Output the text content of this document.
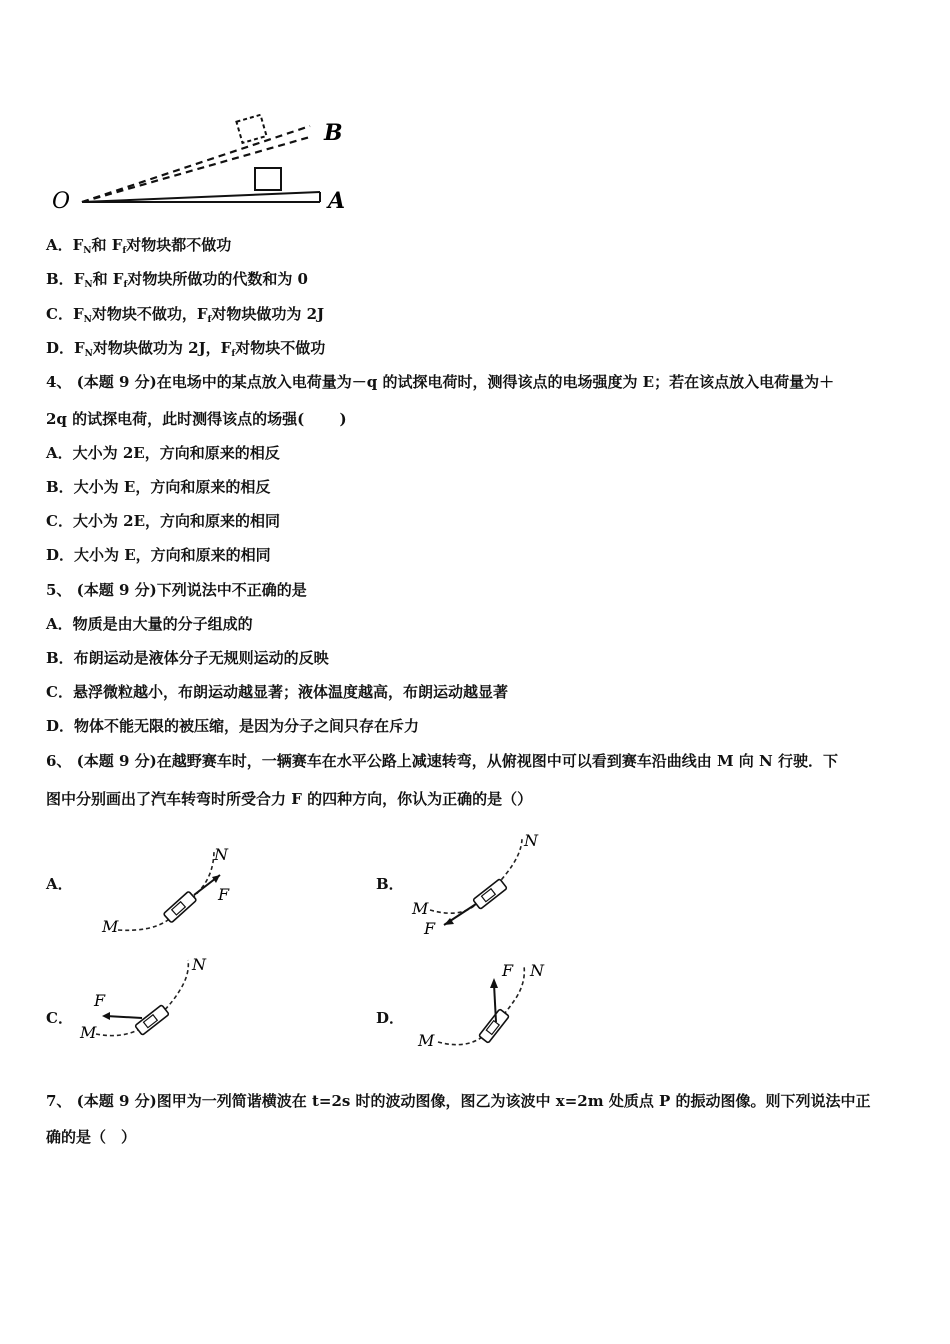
O	A
B
A．$F_N$和 $F_f$对物块都不做功
B．$F_N$和 $F_f$对物块所做功的代数和为 0
C．$F_N$对物块不做功，$F_f$对物块做功为 2J
D．$F_N$对物块做功为 2J，$F_f$对物块不做功
4、 (本题 9 分)在电场中的某点放入电荷量为－q 的试探电荷时，测得该点的电场强度为 E；若在该点放入电荷量为＋
2q 的试探电荷，此时测得该点的场强(　　 )
A．大小为 2E，方向和原来的相反
B．大小为 E，方向和原来的相反
C．大小为 2E，方向和原来的相同
D．大小为 E，方向和原来的相同
5、 (本题 9 分)下列说法中不正确的是
A．物质是由大量的分子组成的
B．布朗运动是液体分子无规则运动的反映
C．悬浮微粒越小，布朗运动越显著；液体温度越高，布朗运动越显著
D．物体不能无限的被压缩，是因为分子之间只存在斥力
6、 (本题 9 分)在越野赛车时，一辆赛车在水平公路上减速转弯，从俯视图中可以看到赛车沿曲线由 M 向 N 行驶．下
图中分别画出了汽车转弯时所受合力 F 的四种方向，你认为正确的是（）
A．	B．
C．	D．
M
N
F
M
N
F
M
N
F
M
N
F
7、 (本题 9 分)图甲为一列简谐横波在 t=2s 时的波动图像，图乙为该波中 x=2m 处质点 P 的振动图像。则下列说法中正
确的是（　）
